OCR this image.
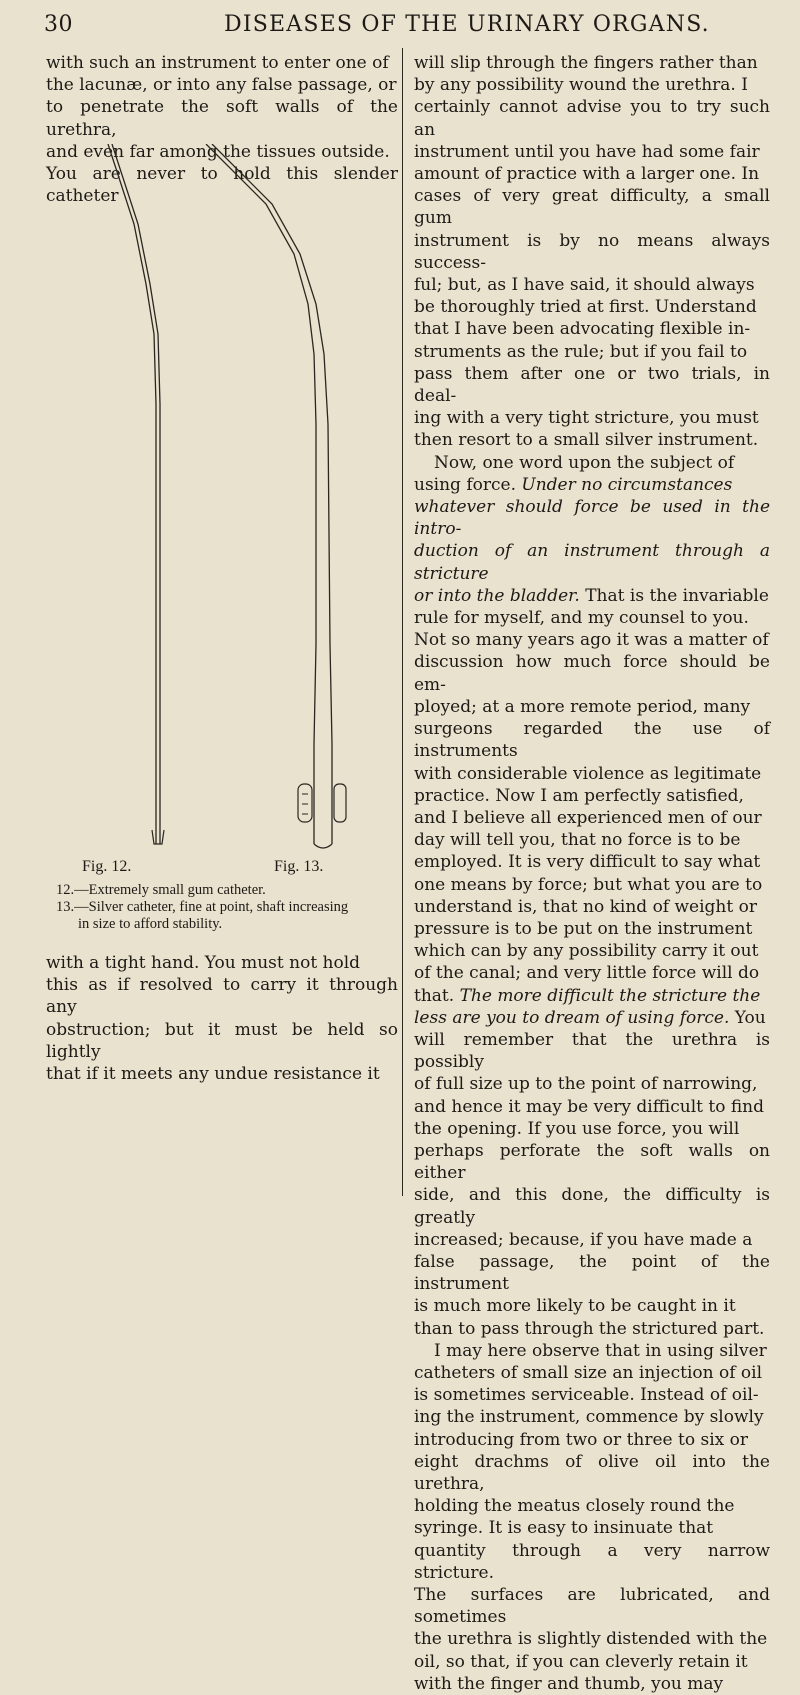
30	DISEASES OF THE URINARY ORGANS.
with such an instrument to enter one of
the lacunæ, or into any false passage, or
to penetrate the soft walls of the urethra,
and even far among the tissues outside.
You are never to hold this slender catheter
Fig. 12.	Fig. 13.

12.—Extremely small gum catheter.

13.—Silver catheter, fine at point, shaft increasing

in size to afford stability.

with a tight hand. You must not hold
this as if resolved to carry it through any
obstruction; but it must be held so lightly
that if it meets any undue resistance it
will slip through the fingers rather than
by any possibility wound the urethra. I
certainly cannot advise you to try such an
instrument until you have had some fair
amount of practice with a larger one. In
cases of very great difficulty, a small gum
instrument is by no means always success-
ful; but, as I have said, it should always
be thoroughly tried at first. Understand
that I have been advocating flexible in-
struments as the rule; but if you fail to
pass them after one or two trials, in deal-
ing with a very tight stricture, you must
then resort to a small silver instrument.
Now, one word upon the subject of
using force. Under no circumstances
whatever should force be used in the intro-
duction of an instrument through a stricture
or into the bladder. That is the invariable
rule for myself, and my counsel to you.
Not so many years ago it was a matter of
discussion how much force should be em-
ployed; at a more remote period, many
surgeons regarded the use of instruments
with considerable violence as legitimate
practice. Now I am perfectly satisfied,
and I believe all experienced men of our
day will tell you, that no force is to be
employed. It is very difficult to say what
one means by force; but what you are to
understand is, that no kind of weight or
pressure is to be put on the instrument
which can by any possibility carry it out
of the canal; and very little force will do
that. The more difficult the stricture the
less are you to dream of using force. You
will remember that the urethra is possibly
of full size up to the point of narrowing,
and hence it may be very difficult to find
the opening. If you use force, you will
perhaps perforate the soft walls on either
side, and this done, the difficulty is greatly
increased; because, if you have made a
false passage, the point of the instrument
is much more likely to be caught in it
than to pass through the strictured part.
I may here observe that in using silver
catheters of small size an injection of oil
is sometimes serviceable. Instead of oil-
ing the instrument, commence by slowly
introducing from two or three to six or
eight drachms of olive oil into the urethra,
holding the meatus closely round the
syringe. It is easy to insinuate that
quantity through a very narrow stricture.
The surfaces are lubricated, and sometimes
the urethra is slightly distended with the
oil, so that, if you can cleverly retain it
with the finger and thumb, you may
